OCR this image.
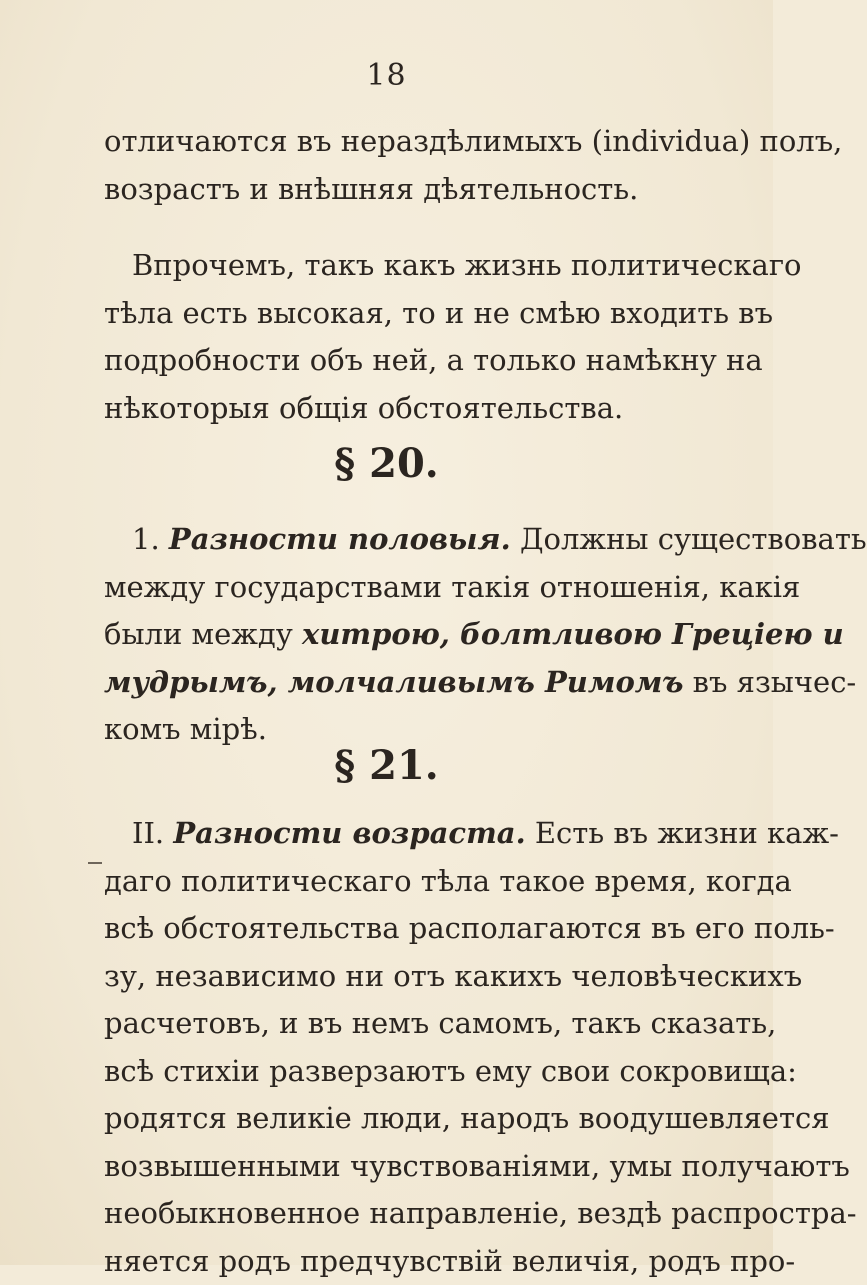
18
отличаются въ нераздѣлимыхъ (individua) полъ,
возрастъ и внѣшняя дѣятельность.
Впрочемъ, такъ какъ жизнь политическаго
тѣла есть высокая, то и не смѣю входить въ
подробности объ ней, а только намѣкну на
нѣкоторыя общія обстоятельства.
§ 20.
1. Разности половыя. Должны существовать
между государствами такія отношенія, какія
были между хитрою, болтливою Греціею и
мудрымъ, молчаливымъ Римомъ въ язычес-
комъ мірѣ.
§ 21.
II. Разности возраста. Есть въ жизни каж-
даго политическаго тѣла такое время, когда
всѣ обстоятельства располагаются въ его поль-
зу, независимо ни отъ какихъ человѣческихъ
расчетовъ, и въ немъ самомъ, такъ сказать,
всѣ стихіи разверзаютъ ему свои сокровища:
родятся великіе люди, народъ воодушевляется
возвышенными чувствованіями, умы получаютъ
необыкновенное направленіе, вездѣ распростра-
няется родъ предчувствій величія, родъ про-
